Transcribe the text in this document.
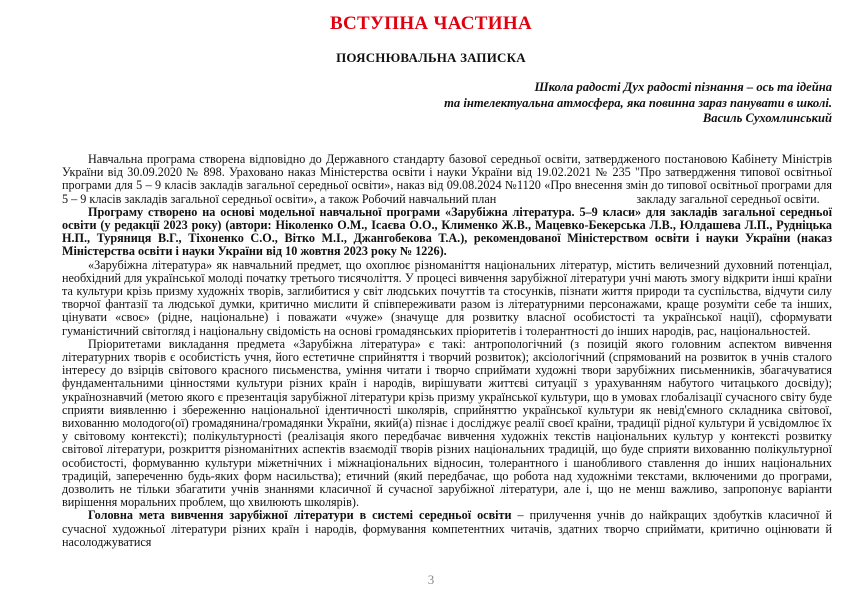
ВСТУПНА ЧАСТИНА
ПОЯСНЮВАЛЬНА ЗАПИСКА
Школа радості Дух радості пізнання – ось та ідейна
та інтелектуальна атмосфера, яка повинна зараз панувати в школі.
Василь Сухомлинський

Навчальна програма створена відповідно до Державного стандарту базової середньої освіти, затвердженого постановою Кабінету Міністрів України від 30.09.2020 № 898. Ураховано наказ Міністерства освіти і науки України від 19.02.2021 № 235 "Про затвердження типової освітньої програми для 5 – 9 класів закладів загальної середньої освіти», наказ від 09.08.2024 №1120 «Про внесення змін до типової освітньої програми для 5 – 9 класів закладів загальної середньої освіти», а також Робочий навчальний план	закладу загальної середньої освіти.

Програму створено на основі модельної навчальної програми «Зарубіжна література. 5–9 класи» для закладів загальної середньої освіти (у редакції 2023 року) (автори: Ніколенко О.М., Ісаєва О.О., Клименко Ж.В., Мацевко-Бекерська Л.В., Юлдашева Л.П., Рудніцька Н.П., Туряниця В.Г., Тіхоненко С.О., Вітко М.І., Джангобекова Т.А.), рекомендованої Міністерством освіти і науки України (наказ Міністерства освіти і науки України від 10 жовтня 2023 року № 1226).

«Зарубіжна література» як навчальний предмет, що охоплює різноманіття національних літератур, містить величезний духовний потенціал, необхідний для української молоді початку третього тисячоліття. У процесі вивчення зарубіжної літератури учні мають змогу відкрити інші країни та культури крізь призму художніх творів, заглибитися у світ людських почуттів та стосунків, пізнати життя природи та суспільства, відчути силу творчої фантазії та людської думки, критично мислити й співпереживати разом із літературними персонажами, краще розуміти себе та інших, цінувати «своє» (рідне, національне) і поважати «чуже» (значуще для розвитку власної особистості та української нації), сформувати гуманістичний світогляд і національну свідомість на основі громадянських пріоритетів і толерантності до інших народів, рас, національностей.

Пріоритетами викладання предмета «Зарубіжна література» є такі: антропологічний (з позицій якого головним аспектом вивчення літературних творів є особистість учня, його естетичне сприйняття і творчий розвиток); аксіологічний (спрямований на розвиток в учнів сталого інтересу до взірців світового красного письменства, уміння читати і творчо сприймати художні твори зарубіжних письменників, збагачуватися фундаментальними цінностями культури різних країн і народів, вирішувати життєві ситуації з урахуванням набутого читацького досвіду); українознавчий (метою якого є презентація зарубіжної літератури крізь призму української культури, що в умовах глобалізації сучасного світу буде сприяти виявленню і збереженню національної ідентичності школярів, сприйняттю української культури як невід'ємного складника світової, вихованню молодого(ої) громадянина/громадянки України, який(а) пізнає і досліджує реалії своєї країни, традиції рідної культури й усвідомлює їх у світовому контексті); полікультурності (реалізація якого передбачає вивчення художніх текстів національних культур у контексті розвитку світової літератури, розкриття різноманітних аспектів взаємодії творів різних національних традицій, що буде сприяти вихованню полікультурної особистості, формуванню культури міжетнічних і міжнаціональних відносин, толерантного і шанобливого ставлення до інших національних традицій, запереченню будь-яких форм насильства); етичний (який передбачає, що робота над художніми текстами, включеними до програми, дозволить не тільки збагатити учнів знаннями класичної й сучасної зарубіжної літератури, але і, що не менш важливо, запропонує варіанти вирішення моральних проблем, що хвилюють школярів).

Головна мета вивчення зарубіжної літератури в системі середньої освіти – прилучення учнів до найкращих здобутків класичної й сучасної художньої літератури різних країн і народів, формування компетентних читачів, здатних творчо сприймати, критично оцінювати й насолоджуватися

3
